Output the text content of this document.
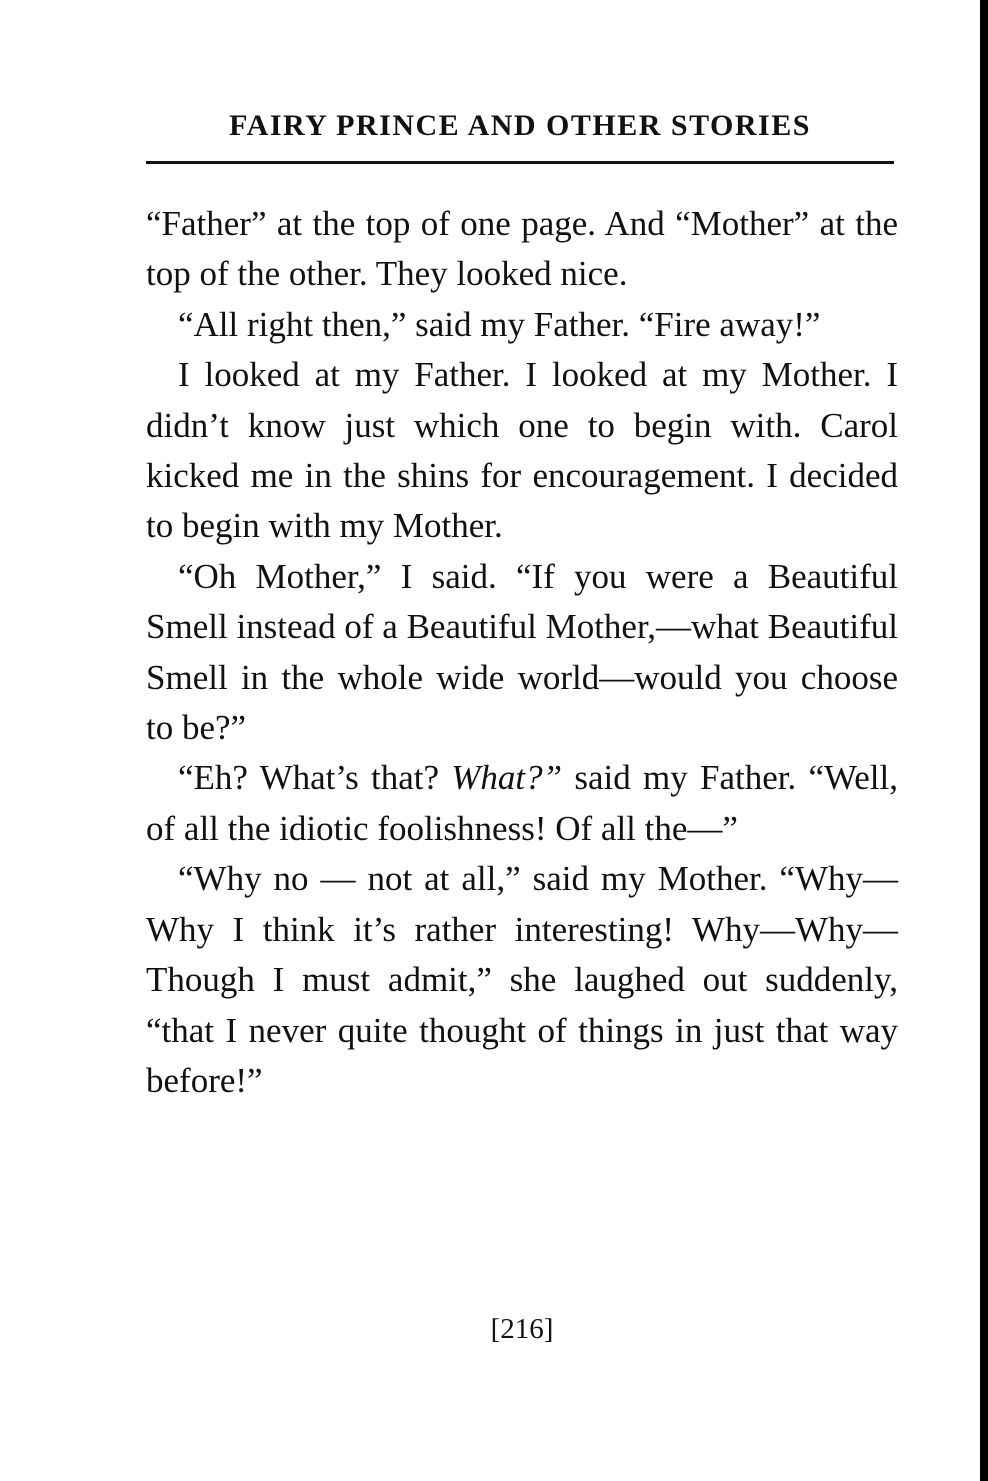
FAIRY PRINCE AND OTHER STORIES

“Father” at the top of one page. And “Mother” at the top of the other. They looked nice.

“All right then,” said my Father. “Fire away!”

I looked at my Father. I looked at my Mother. I didn’t know just which one to begin with. Carol kicked me in the shins for encouragement. I decided to begin with my Mother.

“Oh Mother,” I said. “If you were a Beautiful Smell instead of a Beautiful Mother,—what Beautiful Smell in the whole wide world—would you choose to be?”

“Eh? What’s that? What?” said my Father. “Well, of all the idiotic foolishness! Of all the—”

“Why no — not at all,” said my Mother. “Why—Why I think it’s rather interesting! Why—Why— Though I must admit,” she laughed out suddenly, “that I never quite thought of things in just that way before!”

[216]
